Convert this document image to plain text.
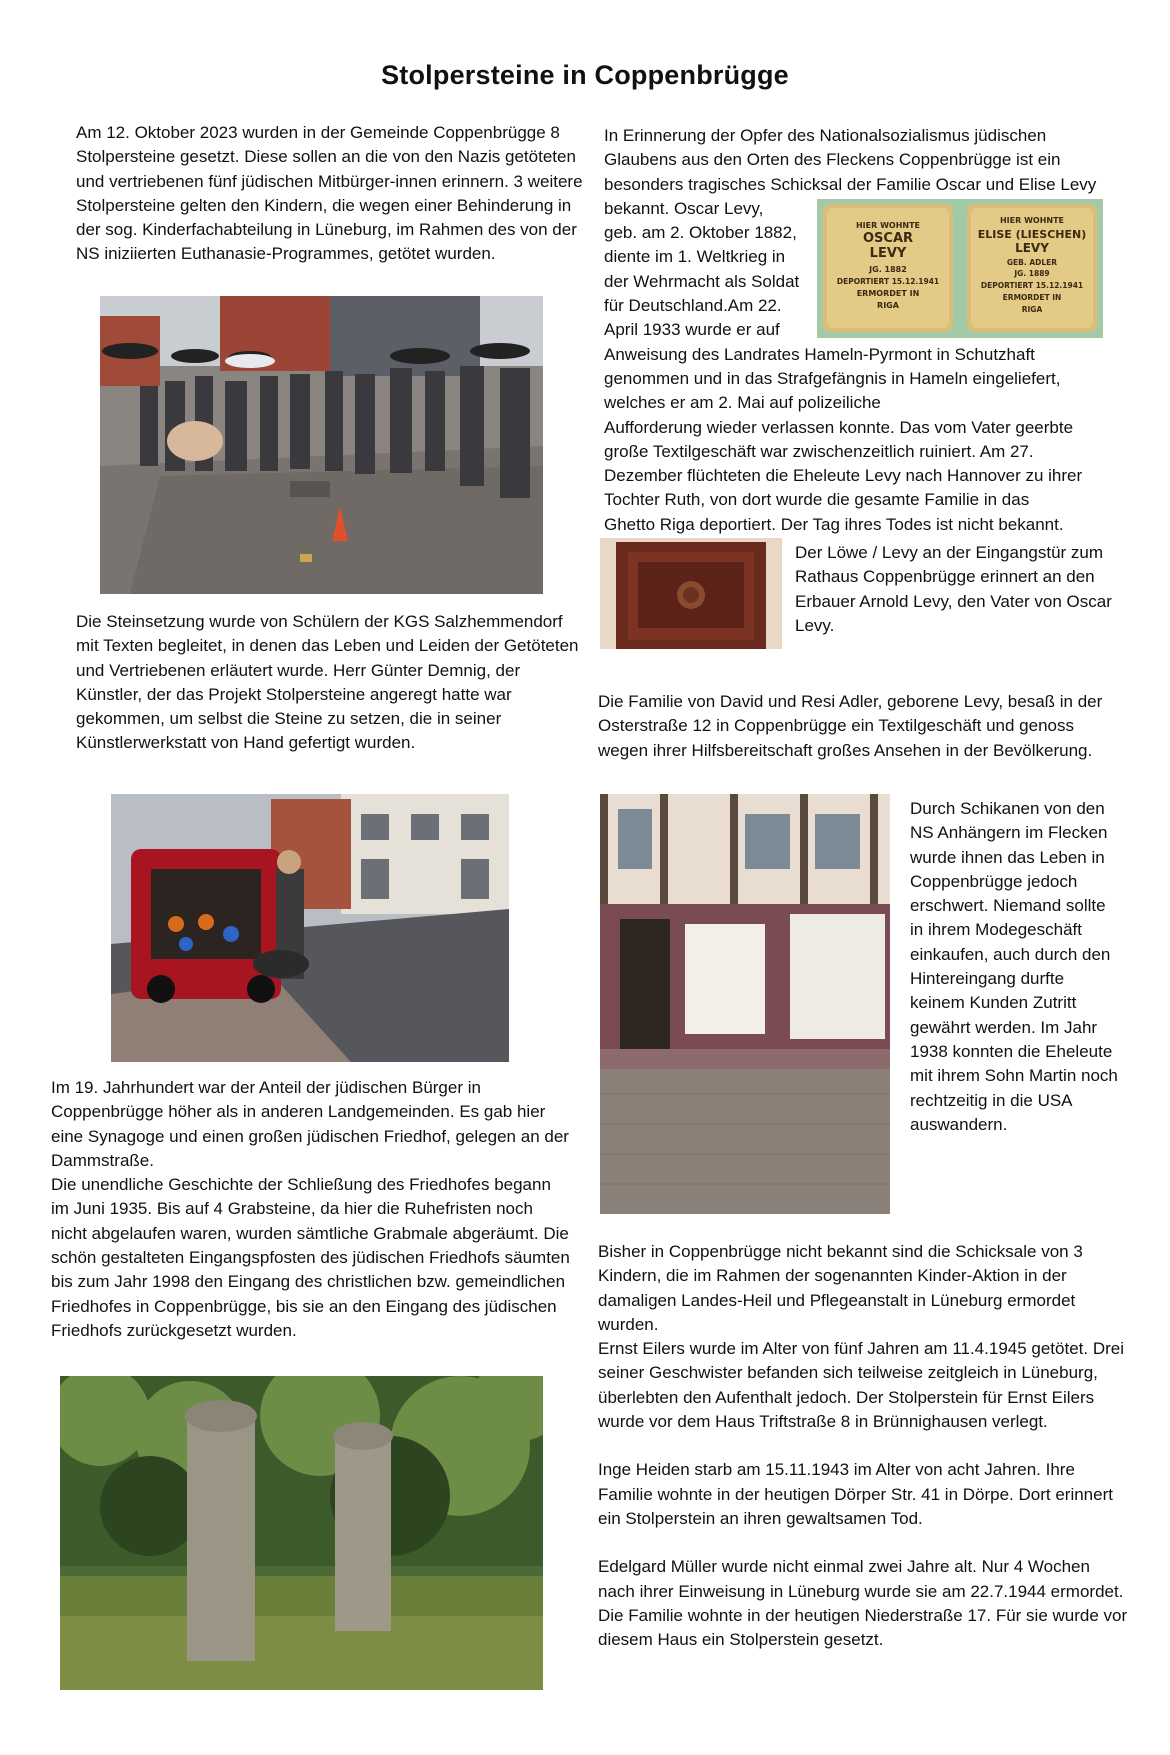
Stolpersteine in Coppenbrügge

Am 12. Oktober 2023 wurden in der Gemeinde Coppenbrügge 8 Stolpersteine gesetzt. Diese sollen an die von den Nazis getöteten und vertriebenen fünf jüdischen Mitbürger-innen erinnern. 3 weitere Stolpersteine gelten den Kindern, die wegen einer Behinderung in der sog. Kinderfachabteilung in Lüneburg, im Rahmen des von der NS iniziierten Euthanasie-Programmes, getötet wurden.

Die Steinsetzung wurde von Schülern der KGS Salzhemmendorf mit Texten begleitet, in denen das Leben und Leiden der Getöteten und Vertriebenen erläutert wurde. Herr Günter Demnig, der Künstler, der das Projekt Stolpersteine angeregt hatte war gekommen, um selbst die Steine zu setzen, die in seiner Künstlerwerkstatt von Hand gefertigt wurden.

Im 19. Jahrhundert war der Anteil der jüdischen Bürger in Coppenbrügge höher als in anderen Landgemeinden. Es gab hier eine Synagoge und einen großen jüdischen Friedhof, gelegen an der Dammstraße.

Die unendliche Geschichte der Schließung des Friedhofes begann im Juni 1935. Bis auf 4 Grabsteine, da hier die Ruhefristen noch nicht abgelaufen waren, wurden sämtliche Grabmale abgeräumt. Die schön gestalteten Eingangspfosten des jüdischen Friedhofs säumten bis zum Jahr 1998 den Eingang des christlichen bzw. gemeindlichen Friedhofes in Coppenbrügge, bis sie an den Eingang des jüdischen Friedhofs zurückgesetzt wurden.

In Erinnerung der Opfer des Nationalsozialismus jüdischen

Glaubens aus den Orten des Fleckens Coppenbrügge ist ein

besonders tragisches Schicksal der Familie Oscar und Elise Levy

bekannt. Oscar Levy,

geb. am 2. Oktober 1882,

diente im 1. Weltkrieg in

der Wehrmacht als Soldat

für Deutschland.Am 22.

April 1933 wurde er auf

Anweisung des Landrates Hameln-Pyrmont in Schutzhaft

genommen und in das Strafgefängnis in Hameln eingeliefert,

welches er am 2. Mai auf polizeiliche

Aufforderung wieder verlassen konnte. Das vom Vater geerbte

große Textilgeschäft war zwischenzeitlich ruiniert. Am 27.

Dezember flüchteten die Eheleute Levy nach Hannover zu ihrer

Tochter Ruth, von dort wurde die gesamte Familie in das

Ghetto Riga deportiert. Der Tag ihres Todes ist nicht bekannt.

HIER WOHNTE
OSCAR
LEVY
JG. 1882
DEPORTIERT 15.12.1941
ERMORDET IN
RIGA
HIER WOHNTE
ELISE (LIESCHEN)
LEVY
GEB. ADLER
JG. 1889
DEPORTIERT 15.12.1941
ERMORDET IN
RIGA

Der Löwe / Levy an der Eingangstür zum Rathaus Coppenbrügge erinnert an den Erbauer Arnold Levy, den Vater von Oscar Levy.

Die Familie von David und Resi Adler, geborene Levy, besaß in der Osterstraße 12 in Coppenbrügge ein Textilgeschäft und genoss wegen ihrer Hilfsbereitschaft großes Ansehen in der Bevölkerung.

Durch Schikanen von den NS Anhängern im Flecken wurde ihnen das Leben in Coppenbrügge jedoch erschwert. Niemand sollte in ihrem Modegeschäft einkaufen, auch durch den Hintereingang durfte keinem Kunden Zutritt gewährt werden. Im Jahr 1938 konnten die Eheleute mit ihrem Sohn Martin noch rechtzeitig in die USA auswandern.

Bisher in Coppenbrügge nicht bekannt sind die Schicksale von 3 Kindern, die im Rahmen der sogenannten Kinder-Aktion in der damaligen Landes-Heil und Pflegeanstalt in Lüneburg ermordet wurden.

Ernst Eilers wurde im Alter von fünf Jahren am 11.4.1945 getötet. Drei seiner Geschwister befanden sich teilweise zeitgleich in Lüneburg, überlebten den Aufenthalt jedoch. Der Stolperstein für Ernst Eilers wurde vor dem Haus Triftstraße 8 in Brünnighausen verlegt.

Inge Heiden starb am 15.11.1943 im Alter von acht Jahren. Ihre Familie wohnte in der heutigen Dörper Str. 41 in Dörpe. Dort erinnert ein Stolperstein an ihren gewaltsamen Tod.

Edelgard Müller wurde nicht einmal zwei Jahre alt. Nur 4 Wochen nach ihrer Einweisung in Lüneburg wurde sie am 22.7.1944 ermordet. Die Familie wohnte in der heutigen Niederstraße 17. Für sie wurde vor diesem Haus ein Stolperstein gesetzt.
